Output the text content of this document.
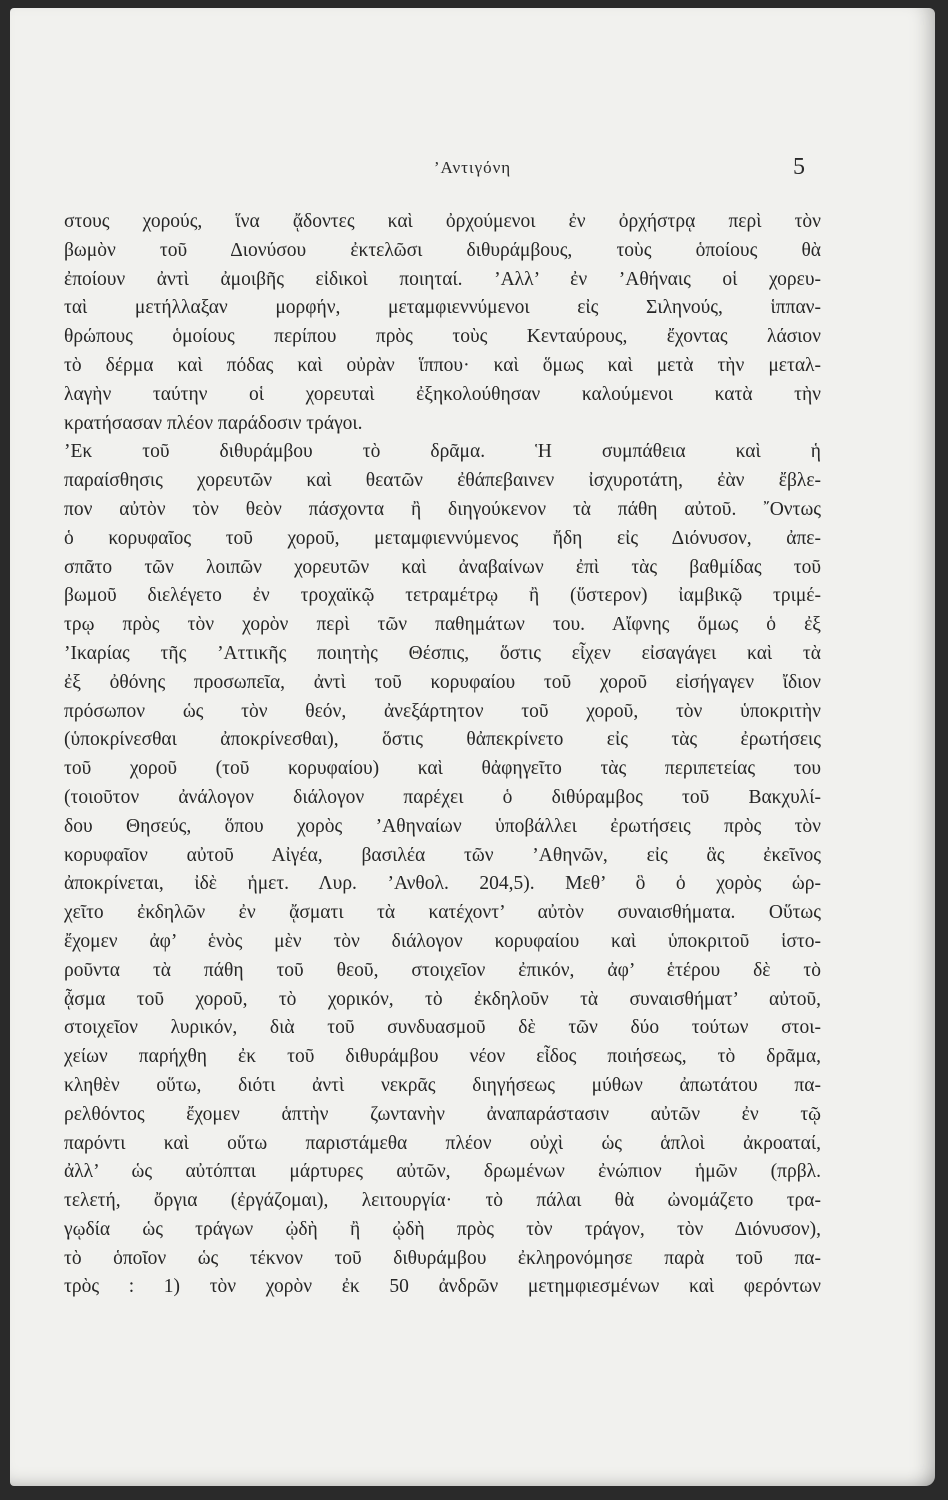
’Αντιγόνη	5
στους χορούς, ἵνα ᾄδοντες καὶ ὀρχούμενοι ἐν ὀρχήστρᾳ περὶ τὸν
βωμὸν τοῦ Διονύσου ἐκτελῶσι διθυράμβους, τοὺς ὁποίους θὰ
ἐποίουν ἀντὶ ἀμοιβῆς εἰδικοὶ ποιηταί. ’Αλλ’ ἐν ’Αθήναις οἱ χορευ-
ταὶ μετήλλαξαν μορφήν, μεταμφιεννύμενοι εἰς Σιληνούς, ἱππαν-
θρώπους ὁμοίους περίπου πρὸς τοὺς Κενταύρους, ἔχοντας λάσιον
τὸ δέρμα καὶ πόδας καὶ οὐρὰν ἵππου· καὶ ὅμως καὶ μετὰ τὴν μεταλ-
λαγὴν ταύτην οἱ χορευταὶ ἐξηκολούθησαν καλούμενοι κατὰ τὴν
κρατήσασαν πλέον παράδοσιν τράγοι.
’Εκ τοῦ διθυράμβου τὸ δρᾶμα. Ἡ συμπάθεια καὶ ἡ
παραίσθησις χορευτῶν καὶ θεατῶν ἐθάπεβαινεν ἰσχυροτάτη, ἐὰν ἔβλε-
πον αὐτὸν τὸν θεὸν πάσχοντα ἢ διηγούκενον τὰ πάθη αὐτοῦ. ῎Οντως
ὁ κορυφαῖος τοῦ χοροῦ, μεταμφιεννύμενος ἤδη εἰς Διόνυσον, ἀπε-
σπᾶτο τῶν λοιπῶν χορευτῶν καὶ ἀναβαίνων ἐπὶ τὰς βαθμίδας τοῦ
βωμοῦ διελέγετο ἐν τροχαϊκῷ τετραμέτρῳ ἢ (ὕστερον) ἰαμβικῷ τριμέ-
τρῳ πρὸς τὸν χορὸν περὶ τῶν παθημάτων του. Αἴφνης ὅμως ὁ ἐξ
’Ικαρίας τῆς ’Αττικῆς ποιητὴς Θέσπις, ὅστις εἶχεν εἰσαγάγει καὶ τὰ
ἐξ ὀθόνης προσωπεῖα, ἀντὶ τοῦ κορυφαίου τοῦ χοροῦ εἰσήγαγεν ἴδιον
πρόσωπον ὡς τὸν θεόν, ἀνεξάρτητον τοῦ χοροῦ, τὸν ὑποκριτὴν
(ὑποκρίνεσθαι ἀποκρίνεσθαι), ὅστις θἀπεκρίνετο εἰς τὰς ἐρωτήσεις
τοῦ χοροῦ (τοῦ κορυφαίου) καὶ θἀφηγεῖτο τὰς περιπετείας του
(τοιοῦτον ἀνάλογον διάλογον παρέχει ὁ διθύραμβος τοῦ Βακχυλί-
δου Θησεύς, ὅπου χορὸς ’Αθηναίων ὑποβάλλει ἐρωτήσεις πρὸς τὸν
κορυφαῖον αὐτοῦ Αἰγέα, βασιλέα τῶν ’Αθηνῶν, εἰς ἃς ἐκεῖνος
ἀποκρίνεται, ἰδὲ ἡμετ. Λυρ. ’Ανθολ. 204,5). Μεθ’ ὃ ὁ χορὸς ὡρ-
χεῖτο ἐκδηλῶν ἐν ᾄσματι τὰ κατέχοντ’ αὐτὸν συναισθήματα. Οὕτως
ἔχομεν ἀφ’ ἑνὸς μὲν τὸν διάλογον κορυφαίου καὶ ὑποκριτοῦ ἱστο-
ροῦντα τὰ πάθη τοῦ θεοῦ, στοιχεῖον ἐπικόν, ἀφ’ ἑτέρου δὲ τὸ
ᾆσμα τοῦ χοροῦ, τὸ χορικόν, τὸ ἐκδηλοῦν τὰ συναισθήματ’ αὐτοῦ,
στοιχεῖον λυρικόν, διὰ τοῦ συνδυασμοῦ δὲ τῶν δύο τούτων στοι-
χείων παρήχθη ἐκ τοῦ διθυράμβου νέον εἶδος ποιήσεως, τὸ δρᾶμα,
κληθὲν οὕτω, διότι ἀντὶ νεκρᾶς διηγήσεως μύθων ἀπωτάτου πα-
ρελθόντος ἔχομεν ἁπτὴν ζωντανὴν ἀναπαράστασιν αὐτῶν ἐν τῷ
παρόντι καὶ οὕτω παριστάμεθα πλέον οὐχὶ ὡς ἁπλοὶ ἀκροαταί,
ἀλλ’ ὡς αὐτόπται μάρτυρες αὐτῶν, δρωμένων ἐνώπιον ἡμῶν (πρβλ.
τελετή, ὄργια (ἐργάζομαι), λειτουργία· τὸ πάλαι θὰ ὠνομάζετο τρα-
γῳδία ὡς τράγων ᾠδὴ ἢ ᾠδὴ πρὸς τὸν τράγον, τὸν Διόνυσον),
τὸ ὁποῖον ὡς τέκνον τοῦ διθυράμβου ἐκληρονόμησε παρὰ τοῦ πα-
τρὸς : 1) τὸν χορὸν ἐκ 50 ἀνδρῶν μετημφιεσμένων καὶ φερόντων
